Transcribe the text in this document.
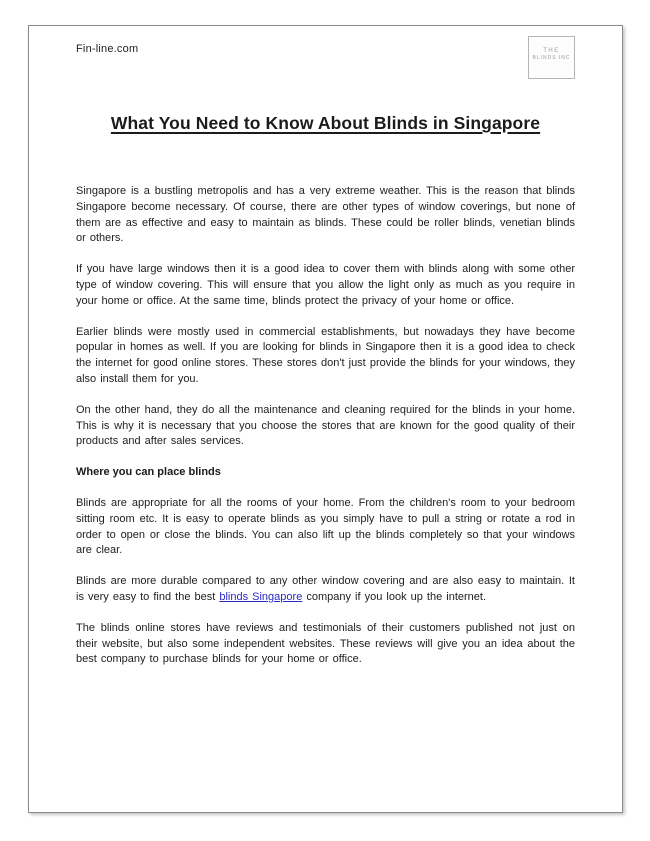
Fin-line.com	THE
BLINDS INC
· ·
What You Need to Know About Blinds in Singapore

Singapore is a bustling metropolis and has a very extreme weather. This is the reason that blinds Singapore become necessary. Of course, there are other types of window coverings, but none of them are as effective and easy to maintain as blinds. These could be roller blinds, venetian blinds or others.

If you have large windows then it is a good idea to cover them with blinds along with some other type of window covering. This will ensure that you allow the light only as much as you require in your home or office. At the same time, blinds protect the privacy of your home or office.

Earlier blinds were mostly used in commercial establishments, but nowadays they have become popular in homes as well. If you are looking for blinds in Singapore then it is a good idea to check the internet for good online stores. These stores don't just provide the blinds for your windows, they also install them for you.

On the other hand, they do all the maintenance and cleaning required for the blinds in your home. This is why it is necessary that you choose the stores that are known for the good quality of their products and after sales services.

Where you can place blinds

Blinds are appropriate for all the rooms of your home. From the children's room to your bedroom sitting room etc. It is easy to operate blinds as you simply have to pull a string or rotate a rod in order to open or close the blinds. You can also lift up the blinds completely so that your windows are clear.

Blinds are more durable compared to any other window covering and are also easy to maintain. It is very easy to find the best blinds Singapore company if you look up the internet.

The blinds online stores have reviews and testimonials of their customers published not just on their website, but also some independent websites. These reviews will give you an idea about the best company to purchase blinds for your home or office.
